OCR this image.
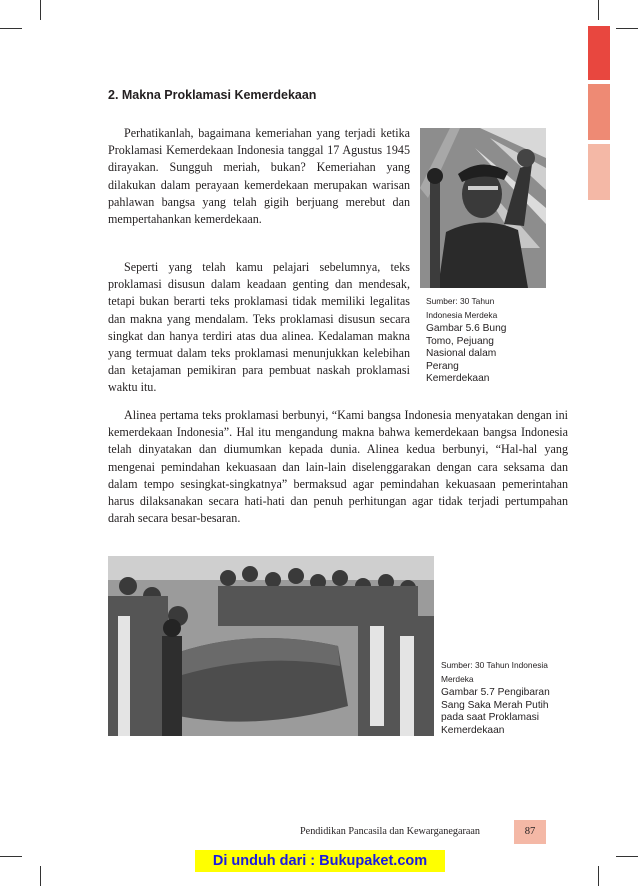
2. Makna Proklamasi Kemerdekaan

Perhatikanlah, bagaimana kemeriahan yang terjadi ketika Proklamasi Kemerdekaan Indonesia tanggal 17 Agustus 1945 dirayakan. Sungguh meriah, bukan? Kemeriahan yang dilakukan dalam perayaan kemerdekaan merupakan warisan pahlawan bangsa yang telah gigih berjuang merebut dan mempertahankan kemerdekaan.

Seperti yang telah kamu pelajari sebelumnya, teks proklamasi disusun dalam keadaan genting dan mendesak, tetapi bukan berarti teks proklamasi tidak memiliki legalitas dan makna yang mendalam. Teks proklamasi disusun secara singkat dan hanya terdiri atas dua alinea. Kedalaman makna yang termuat dalam teks proklamasi menunjukkan kelebihan dan ketajaman pemikiran para pembuat naskah proklamasi waktu itu.

Alinea pertama teks proklamasi berbunyi, “Kami bangsa Indonesia menyatakan dengan ini kemerdekaan Indonesia”. Hal itu mengandung makna bahwa kemerdekaan bangsa Indonesia telah dinyatakan dan diumumkan kepada dunia. Alinea kedua berbunyi, “Hal-hal yang mengenai pemindahan kekuasaan dan lain-lain diselenggarakan dengan cara seksama dan dalam tempo sesingkat-singkatnya” bermaksud agar pemindahan kekuasaan pemerintahan harus dilaksanakan secara hati-hati dan penuh perhitungan agar tidak terjadi pertumpahan darah secara besar-besaran.

Sumber: 30 Tahun Indonesia Merdeka
Gambar 5.6 Bung Tomo, Pejuang Nasional dalam Perang Kemerdekaan
Sumber: 30 Tahun Indonesia Merdeka
Gambar 5.7 Pengibaran Sang Saka Merah Putih pada saat Proklamasi Kemerdekaan
Pendidikan Pancasila dan Kewarganegaraan	87
Di unduh dari : Bukupaket.com
